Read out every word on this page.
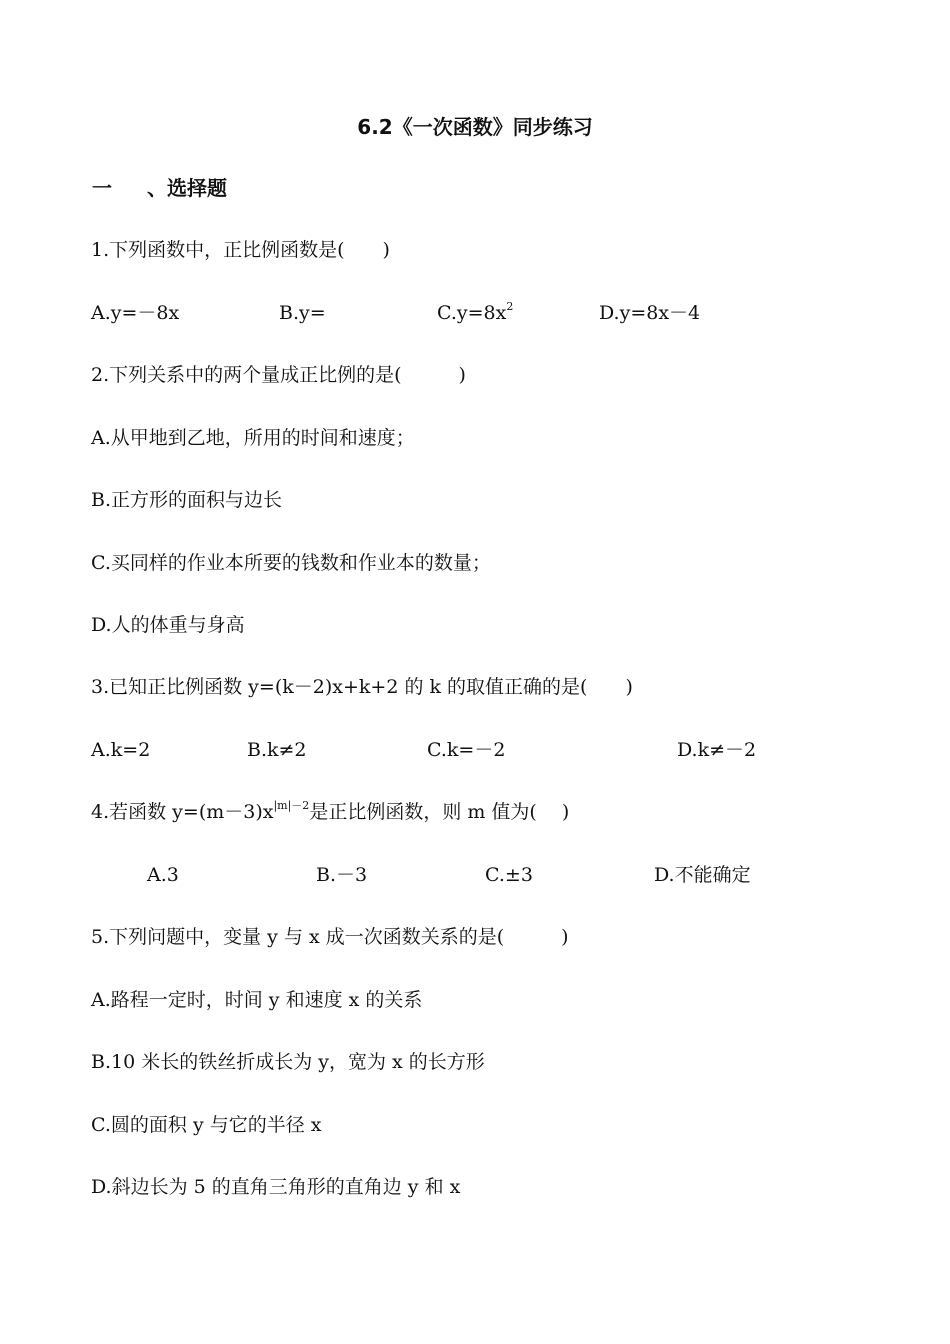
6.2《一次函数》同步练习
一 、选择题
1.下列函数中，正比例函数是(　　)
A.y=－8x	B.y=	$C.y=8x^2$	D.y=8x－4
2.下列关系中的两个量成正比例的是(　　　)
A.从甲地到乙地，所用的时间和速度；
B.正方形的面积与边长
C.买同样的作业本所要的钱数和作业本的数量；
D.人的体重与身高
3.已知正比例函数 y=(k－2)x+k+2 的 k 的取值正确的是(　　)
A.k=2	B.k≠2	C.k=－2	D.k≠－2
4.若函数 $y=(m-3)x^{|m|-2}$是正比例函数，则 m 值为(　 )
A.3	B.－3	C.±3	D.不能确定
5.下列问题中，变量 y 与 x 成一次函数关系的是(　　　)
A.路程一定时，时间 y 和速度 x 的关系
B.10 米长的铁丝折成长为 y，宽为 x 的长方形
C.圆的面积 y 与它的半径 x
D.斜边长为 5 的直角三角形的直角边 y 和 x
